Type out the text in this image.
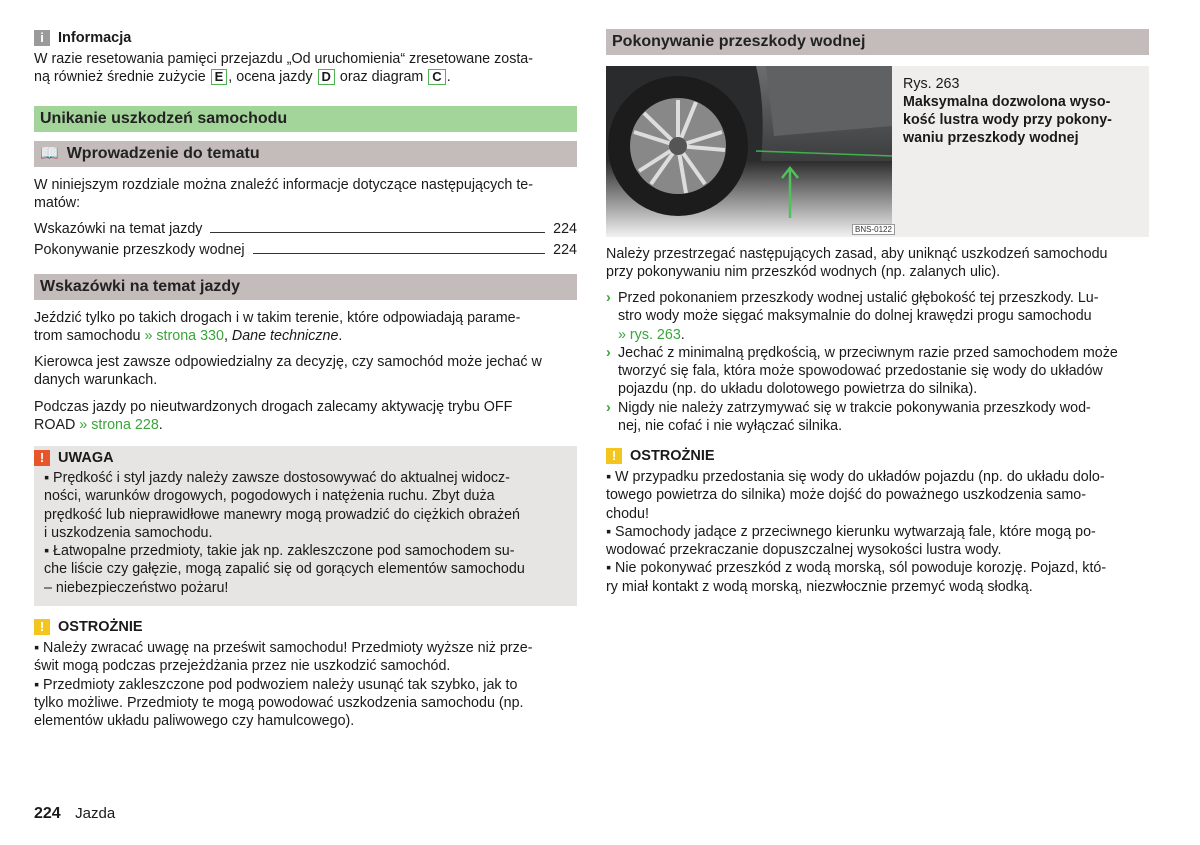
i Informacja
W razie resetowania pamięci przejazdu „Od uruchomienia“ zresetowane zosta-
ną również średnie zużycie E , ocena jazdy D oraz diagram C .
Unikanie uszkodzeń samochodu
📖 Wprowadzenie do tematu
W niniejszym rozdziale można znaleźć informacje dotyczące następujących te-
matów:
Wskazówki na temat jazdy	224
Pokonywanie przeszkody wodnej	224
Wskazówki na temat jazdy
Jeździć tylko po takich drogach i w takim terenie, które odpowiadają parame-
trom samochodu » strona 330, Dane techniczne.
Kierowca jest zawsze odpowiedzialny za decyzję, czy samochód może jechać w
danych warunkach.
Podczas jazdy po nieutwardzonych drogach zalecamy aktywację trybu OFF
ROAD » strona 228.
! UWAGA
▪ Prędkość i styl jazdy należy zawsze dostosowywać do aktualnej widocz-
ności, warunków drogowych, pogodowych i natężenia ruchu. Zbyt duża
prędkość lub nieprawidłowe manewry mogą prowadzić do ciężkich obrażeń
i uszkodzenia samochodu.
▪ Łatwopalne przedmioty, takie jak np. zakleszczone pod samochodem su-
che liście czy gałęzie, mogą zapalić się od gorących elementów samochodu
– niebezpieczeństwo pożaru!
! OSTROŻNIE
▪ Należy zwracać uwagę na prześwit samochodu! Przedmioty wyższe niż prze-
świt mogą podczas przejeżdżania przez nie uszkodzić samochód.
▪ Przedmioty zakleszczone pod podwoziem należy usunąć tak szybko, jak to
tylko możliwe. Przedmioty te mogą powodować uszkodzenia samochodu (np.
elementów układu paliwowego czy hamulcowego).
224 Jazda
Pokonywanie przeszkody wodnej
BNS-0122
Rys. 263
Maksymalna dozwolona wyso-
kość lustra wody przy pokony-
waniu przeszkody wodnej
Należy przestrzegać następujących zasad, aby uniknąć uszkodzeń samochodu
przy pokonywaniu nim przeszkód wodnych (np. zalanych ulic).
› Przed pokonaniem przeszkody wodnej ustalić głębokość tej przeszkody. Lu-
stro wody może sięgać maksymalnie do dolnej krawędzi progu samochodu
» rys. 263.
› Jechać z minimalną prędkością, w przeciwnym razie przed samochodem może
tworzyć się fala, która może spowodować przedostanie się wody do układów
pojazdu (np. do układu dolotowego powietrza do silnika).
› Nigdy nie należy zatrzymywać się w trakcie pokonywania przeszkody wod-
nej, nie cofać i nie wyłączać silnika.
! OSTROŻNIE
▪ W przypadku przedostania się wody do układów pojazdu (np. do układu dolo-
towego powietrza do silnika) może dojść do poważnego uszkodzenia samo-
chodu!
▪ Samochody jadące z przeciwnego kierunku wytwarzają fale, które mogą po-
wodować przekraczanie dopuszczalnej wysokości lustra wody.
▪ Nie pokonywać przeszkód z wodą morską, sól powoduje korozję. Pojazd, któ-
ry miał kontakt z wodą morską, niezwłocznie przemyć wodą słodką.
